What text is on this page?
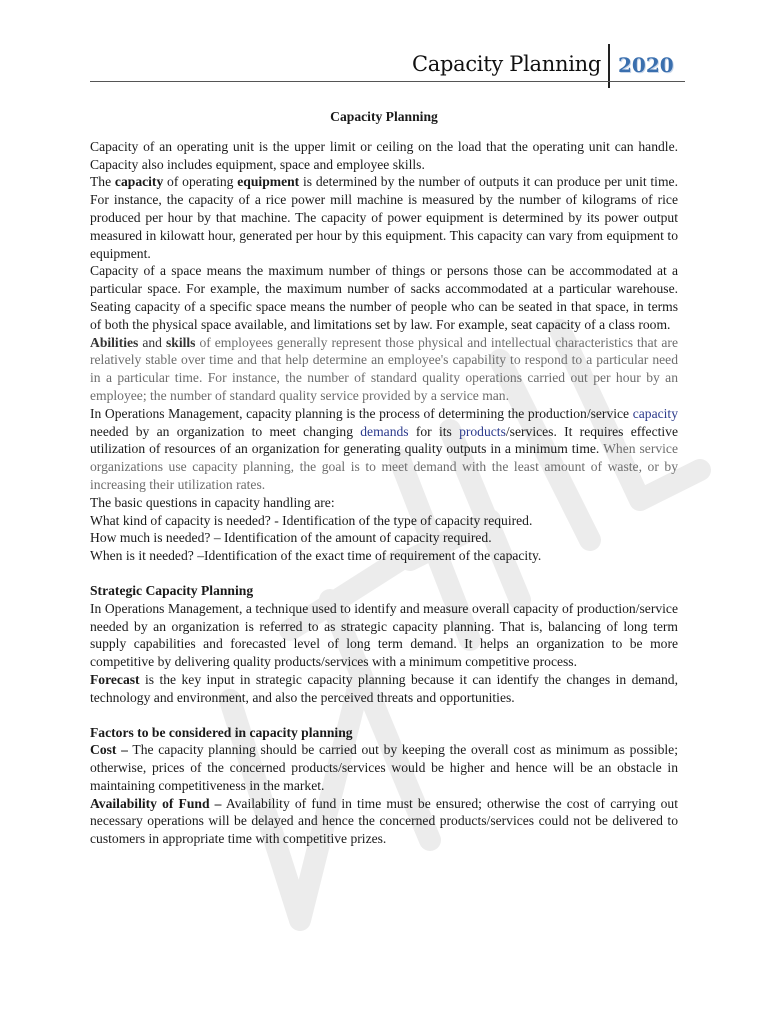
Capacity Planning 2020
Capacity Planning

Capacity of an operating unit is the upper limit or ceiling on the load that the operating unit can handle. Capacity also includes equipment, space and employee skills.

The capacity of operating equipment is determined by the number of outputs it can produce per unit time. For instance, the capacity of a rice power mill machine is measured by the number of kilograms of rice produced per hour by that machine. The capacity of power equipment is determined by its power output measured in kilowatt hour, generated per hour by this equipment. This capacity can vary from equipment to equipment.

Capacity of a space means the maximum number of things or persons those can be accommodated at a particular space. For example, the maximum number of sacks accommodated at a particular warehouse. Seating capacity of a specific space means the number of people who can be seated in that space, in terms of both the physical space available, and limitations set by law. For example, seat capacity of a class room.

Abilities and skills of employees generally represent those physical and intellectual characteristics that are relatively stable over time and that help determine an employee's capability to respond to a particular need in a particular time. For instance, the number of standard quality operations carried out per hour by an employee; the number of standard quality service provided by a service man.

In Operations Management, capacity planning is the process of determining the production/service capacity needed by an organization to meet changing demands for its products/services. It requires effective utilization of resources of an organization for generating quality outputs in a minimum time. When service organizations use capacity planning, the goal is to meet demand with the least amount of waste, or by increasing their utilization rates.

The basic questions in capacity handling are:

What kind of capacity is needed? - Identification of the type of capacity required.

How much is needed? – Identification of the amount of capacity required.

When is it needed? –Identification of the exact time of requirement of the capacity.

Strategic Capacity Planning

In Operations Management, a technique used to identify and measure overall capacity of production/service needed by an organization is referred to as strategic capacity planning. That is, balancing of long term supply capabilities and forecasted level of long term demand. It helps an organization to be more competitive by delivering quality products/services with a minimum competitive process.

Forecast is the key input in strategic capacity planning because it can identify the changes in demand, technology and environment, and also the perceived threats and opportunities.

Factors to be considered in capacity planning

Cost – The capacity planning should be carried out by keeping the overall cost as minimum as possible; otherwise, prices of the concerned products/services would be higher and hence will be an obstacle in maintaining competitiveness in the market.

Availability of Fund – Availability of fund in time must be ensured; otherwise the cost of carrying out necessary operations will be delayed and hence the concerned products/services could not be delivered to customers in appropriate time with competitive prizes.
